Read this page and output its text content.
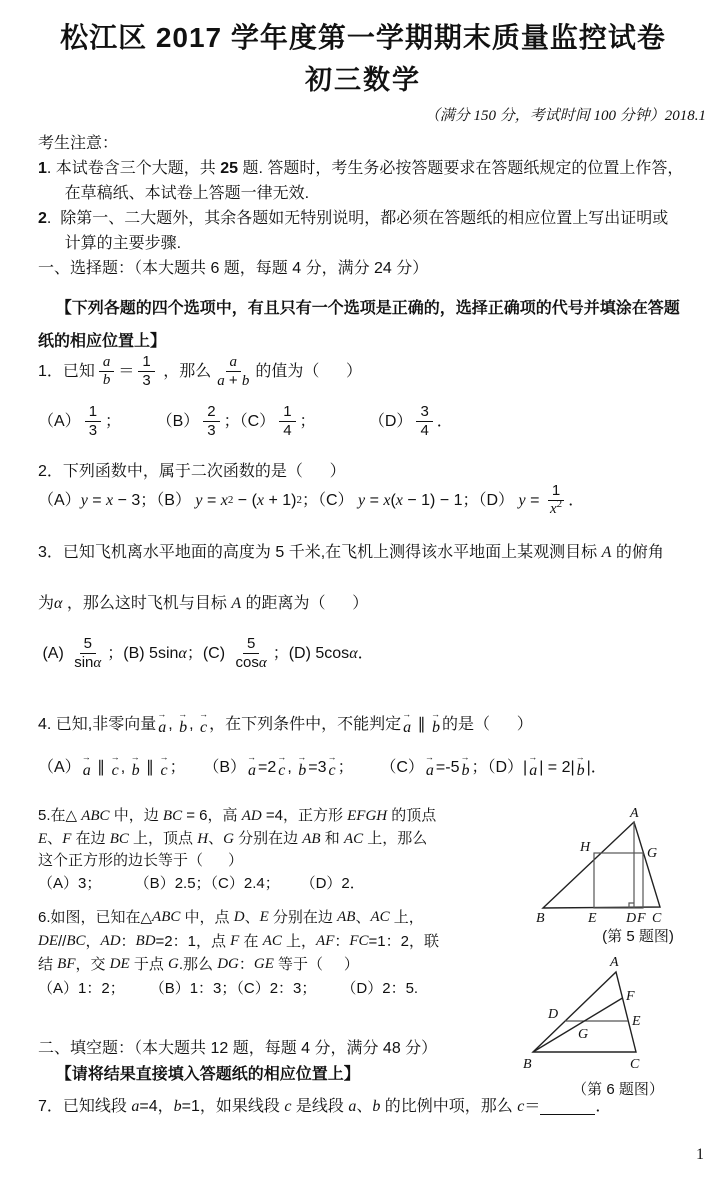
松江区 2017 学年度第一学期期末质量监控试卷
初三数学
（满分 150 分，考试时间 100 分钟）2018.1
考生注意：
1 . 本试卷含三个大题，共 25 题. 答题时，考生务必按答题要求在答题纸规定的位置上作答，
在草稿纸、本试卷上答题一律无效.
2 .  除第一、二大题外，其余各题如无特别说明，都必须在答题纸的相应位置上写出证明或
计算的主要步骤.
一、选择题：（本大题共 6 题，每题 4 分，满分 24 分）
【下列各题的四个选项中，有且只有一个选项是正确的，选择正确项的代号并填涂在答题
纸的相应位置上】
1．已知 $\frac{a}{b} = \frac{1}{3}$ ，那么 $\frac{a}{a + b}$ 的值为（      ）
$(A) \frac{1}{3}$ ；        $(B) \frac{2}{3}$ ；$(C) \frac{1}{4}$ ；            $(D) \frac{3}{4}$ ．
2．下列函数中，属于二次函数的是（      ）
（A） y = x − 3；（B） y = x 2 − ( x + 1) 2 ；（C） y = x ( x − 1) − 1；（D） $y = \frac{1}{x^2}$ ．
3．已知飞机离水平地面的高度为 5 千米,在飞机上测得该水平地面上某观测目标 A 的俯角
为 α ，那么这时飞机与目标 A 的距离为（      ）
$(A) \frac{5}{\sin\alpha}$ ；(B) 5sin α ；$(C) \frac{5}{\cos\alpha}$ ；(D) 5cos α ．
4. 已知,非零向量
→
a ,
→
b ,
→
c ，在下列条件中，不能判定
→
a ∥
→
b 的是（      ）
（A）
→
a ∥
→
c ,
→
b ∥
→
c ；    （B）
→
a =2
→
c ,
→
b =3
→
c ；      （C）
→
a =-5
→
b ；（D）|
→
a | = 2|
→
b |．
5.在△ ABC 中，边 BC = 6，高 AD =4，正方形 EFGH 的顶点
E 、 F 在边 BC 上，顶点 H 、 G 分别在边 AB 和 AC 上，那么
这个正方形的边长等于（      ）
（A）3；        （B）2.5；（C）2.4；     （D）2．
6.如图，已知在△ ABC 中，点 D 、 E 分别在边 AB 、 AC 上，
DE // BC ， AD ： BD =2：1，点 F 在 AC 上， AF ： FC =1：2，联
结 BF ，交 DE 于点 G .那么 DG ： GE 等于（     ）
（A）1：2；      （B）1：3；（C）2：3；      （D）2：5.
二、填空题：（本大题共 12 题，每题 4 分，满分 48 分）
【请将结果直接填入答题纸的相应位置上】
7．已知线段 a =4， b =1，如果线段 c 是线段 a 、 b 的比例中项，那么 c ＝	．
A
B	C
D
E	F
G
H
(第 5 题图)
A
B	C
D	E
F
G
（第 6 题图）
1
